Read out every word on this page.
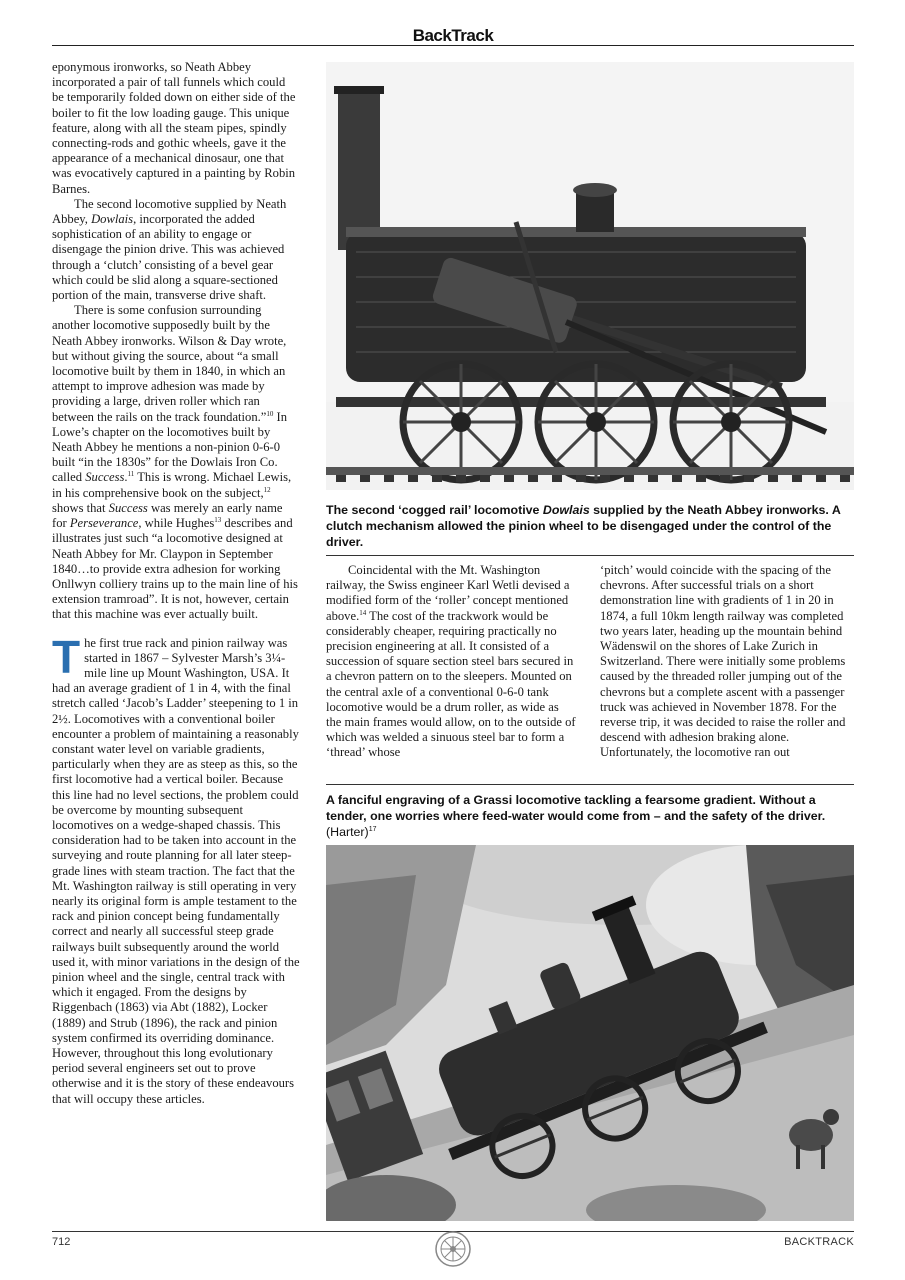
BackTrack

eponymous ironworks, so Neath Abbey incorporated a pair of tall funnels which could be temporarily folded down on either side of the boiler to fit the low loading gauge. This unique feature, along with all the steam pipes, spindly connecting-rods and gothic wheels, gave it the appearance of a mechanical dinosaur, one that was evocatively captured in a painting by Robin Barnes.

The second locomotive supplied by Neath Abbey, Dowlais, incorporated the added sophistication of an ability to engage or disengage the pinion drive. This was achieved through a ‘clutch’ consisting of a bevel gear which could be slid along a square-sectioned portion of the main, transverse drive shaft.

There is some confusion surrounding another locomotive supposedly built by the Neath Abbey ironworks. Wilson & Day wrote, but without giving the source, about “a small locomotive built by them in 1840, in which an attempt to improve adhesion was made by providing a large, driven roller which ran between the rails on the track foundation.”$^{10}$ In Lowe’s chapter on the locomotives built by Neath Abbey he mentions a non-pinion 0-6-0 built “in the 1830s” for the Dowlais Iron Co. called Success.$^{11}$ This is wrong. Michael Lewis, in his comprehensive book on the subject,$^{12}$ shows that Success was merely an early name for Perseverance, while Hughes$^{13}$ describes and illustrates just such “a locomotive designed at Neath Abbey for Mr. Claypon in September 1840…to provide extra adhesion for working Onllwyn colliery trains up to the main line of his extension tramroad”. It is not, however, certain that this machine was ever actually built.

The first true rack and pinion railway was started in 1867 – Sylvester Marsh’s 3¼-mile line up Mount Washington, USA. It had an average gradient of 1 in 4, with the final stretch called ‘Jacob’s Ladder’ steepening to 1 in 2½. Locomotives with a conventional boiler encounter a problem of maintaining a reasonably constant water level on variable gradients, particularly when they are as steep as this, so the first locomotive had a vertical boiler. Because this line had no level sections, the problem could be overcome by mounting subsequent locomotives on a wedge-shaped chassis. This consideration had to be taken into account in the surveying and route planning for all later steep-grade lines with steam traction. The fact that the Mt. Washington railway is still operating in very nearly its original form is ample testament to the rack and pinion concept being fundamentally correct and nearly all successful steep grade railways built subsequently around the world used it, with minor variations in the design of the pinion wheel and the single, central track with which it engaged. From the designs by Riggenbach (1863) via Abt (1882), Locker (1889) and Strub (1896), the rack and pinion system confirmed its overriding dominance. However, throughout this long evolutionary period several engineers set out to prove otherwise and it is the story of these endeavours that will occupy these articles.

The second ‘cogged rail’ locomotive Dowlais supplied by the Neath Abbey ironworks. A clutch mechanism allowed the pinion wheel to be disengaged under the control of the driver.

Coincidental with the Mt. Washington railway, the Swiss engineer Karl Wetli devised a modified form of the ‘roller’ concept mentioned above.$^{14}$ The cost of the trackwork would be considerably cheaper, requiring practically no precision engineering at all. It consisted of a succession of square section steel bars secured in a chevron pattern on to the sleepers. Mounted on the central axle of a conventional 0-6-0 tank locomotive would be a drum roller, as wide as the main frames would allow, on to the outside of which was welded a sinuous steel bar to form a ‘thread’ whose

‘pitch’ would coincide with the spacing of the chevrons. After successful trials on a short demonstration line with gradients of 1 in 20 in 1874, a full 10km length railway was completed two years later, heading up the mountain behind Wädenswil on the shores of Lake Zurich in Switzerland. There were initially some problems caused by the threaded roller jumping out of the chevrons but a complete ascent with a passenger truck was achieved in November 1878. For the reverse trip, it was decided to raise the roller and descend with adhesion braking alone. Unfortunately, the locomotive ran out

A fanciful engraving of a Grassi locomotive tackling a fearsome gradient. Without a tender, one worries where feed-water would come from – and the safety of the driver. (Harter)$^{17}$
712	BACKTRACK
